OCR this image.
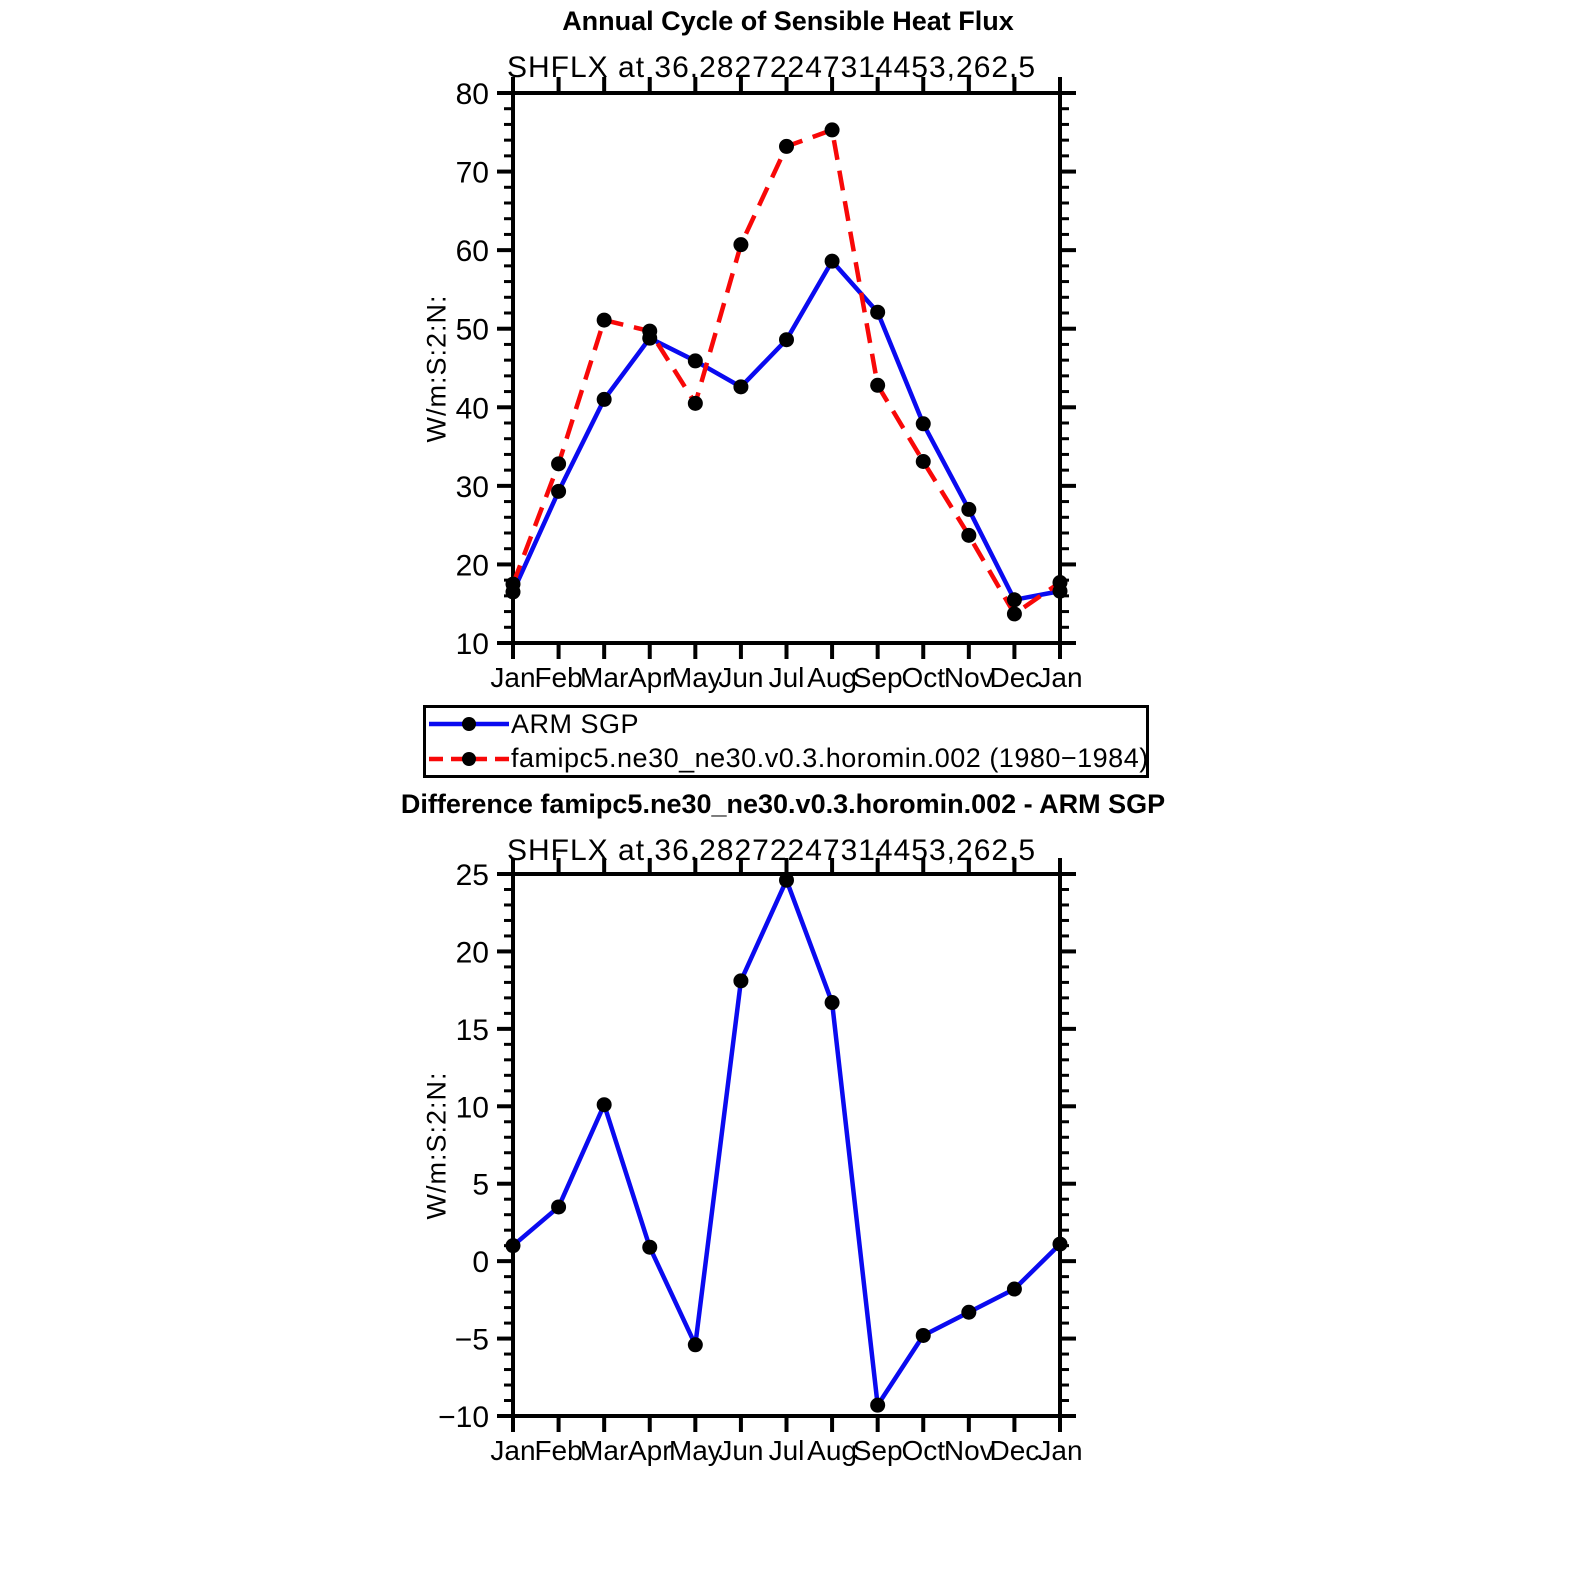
Annual Cycle of Sensible Heat Flux
SHFLX at 36.28272247314453,262.5
W/m:S:2:N:
Jan
Feb
Mar Apr
May
Jun Jul Aug
Sep
Oct
Nov
Dec
Jan
10
20
30
40
50
60
70
80
Jan
Feb
Mar Apr
May
Jun Jul Aug
Sep
Oct
Nov
Dec
Jan
−10
−5
0
5
10
15
20
25
ARM SGP
famipc5.ne30_ne30.v0.3.horomin.002 (1980−1984)
Difference famipc5.ne30_ne30.v0.3.horomin.002 - ARM SGP
SHFLX at 36.28272247314453,262.5
W/m:S:2:N:
